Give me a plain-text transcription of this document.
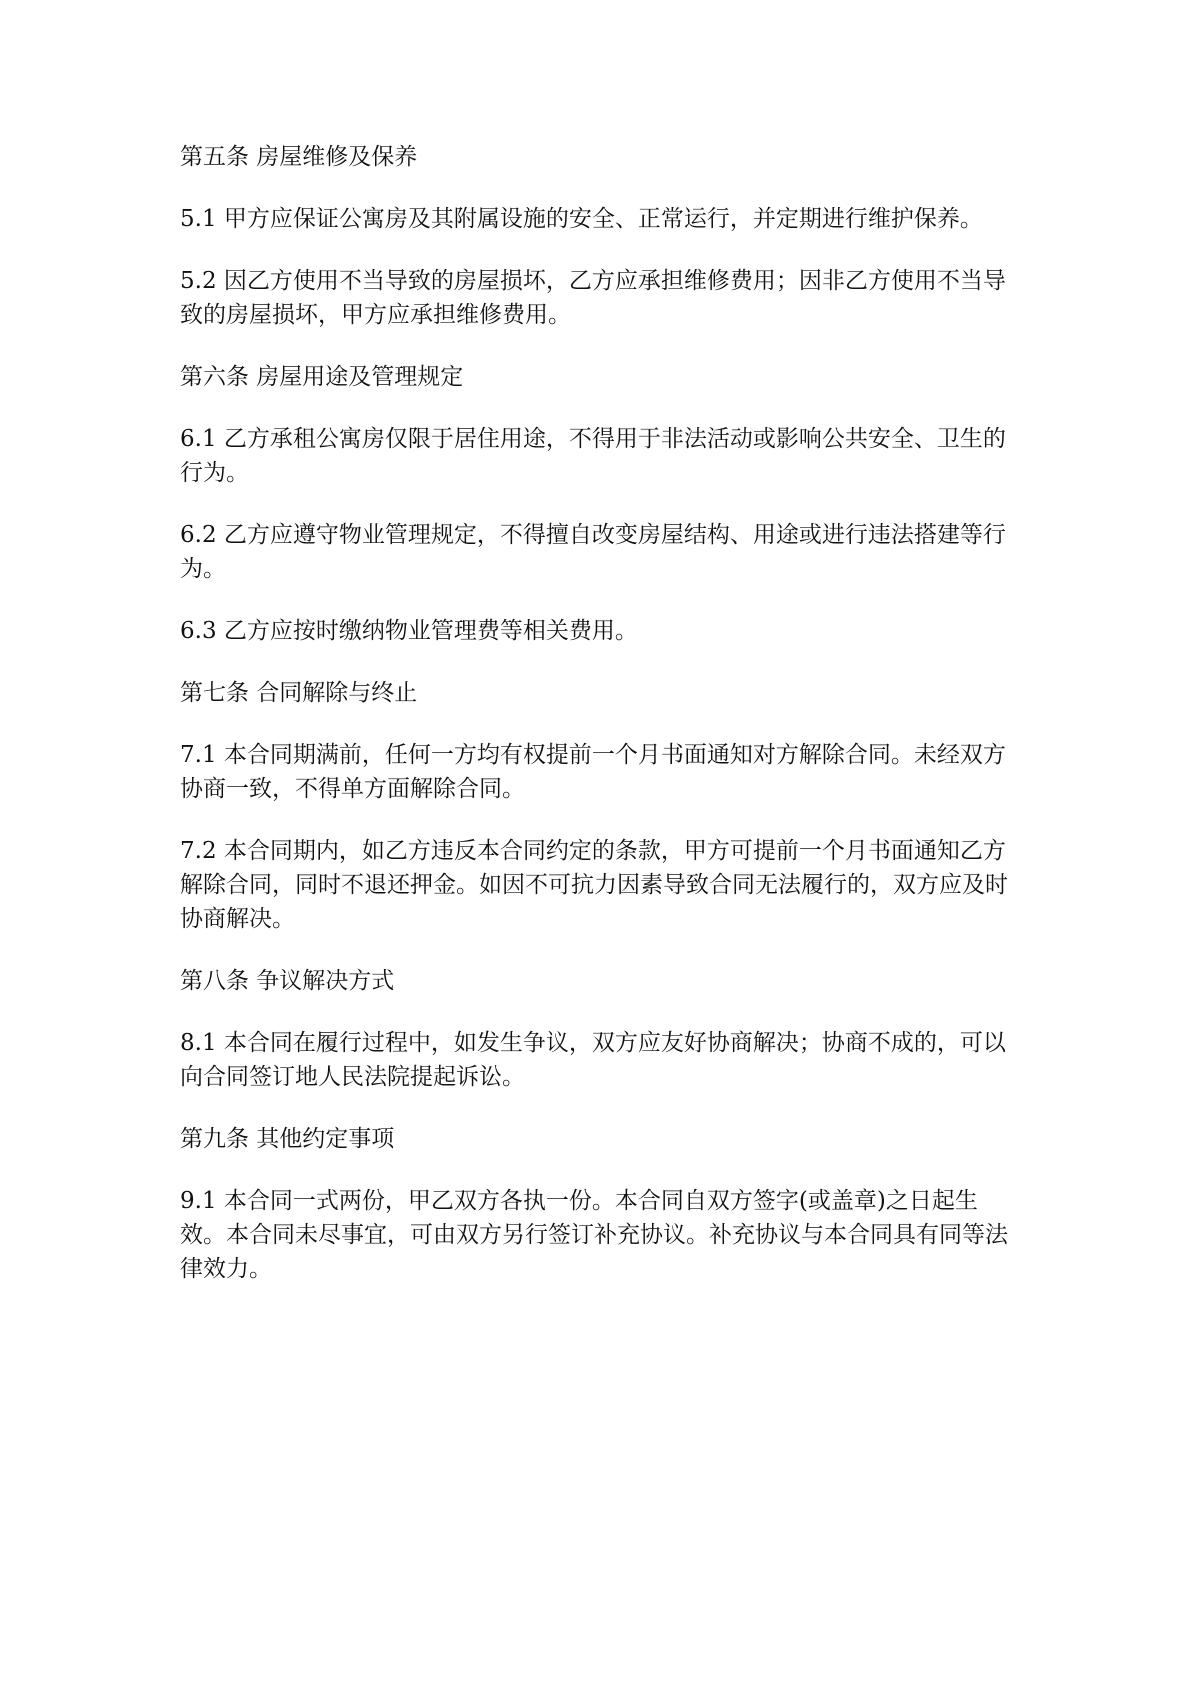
第五条 房屋维修及保养

5.1 甲方应保证公寓房及其附属设施的安全、正常运行，并定期进行维护保养。

5.2 因乙方使用不当导致的房屋损坏，乙方应承担维修费用；因非乙方使用不当导致的房屋损坏，甲方应承担维修费用。

第六条 房屋用途及管理规定

6.1 乙方承租公寓房仅限于居住用途，不得用于非法活动或影响公共安全、卫生的行为。

6.2 乙方应遵守物业管理规定，不得擅自改变房屋结构、用途或进行违法搭建等行为。

6.3 乙方应按时缴纳物业管理费等相关费用。

第七条 合同解除与终止

7.1 本合同期满前，任何一方均有权提前一个月书面通知对方解除合同。未经双方协商一致，不得单方面解除合同。

7.2 本合同期内，如乙方违反本合同约定的条款，甲方可提前一个月书面通知乙方解除合同，同时不退还押金。如因不可抗力因素导致合同无法履行的，双方应及时协商解决。

第八条 争议解决方式

8.1 本合同在履行过程中，如发生争议，双方应友好协商解决；协商不成的，可以向合同签订地人民法院提起诉讼。

第九条 其他约定事项

9.1 本合同一式两份，甲乙双方各执一份。本合同自双方签字(或盖章)之日起生效。本合同未尽事宜，可由双方另行签订补充协议。补充协议与本合同具有同等法律效力。
